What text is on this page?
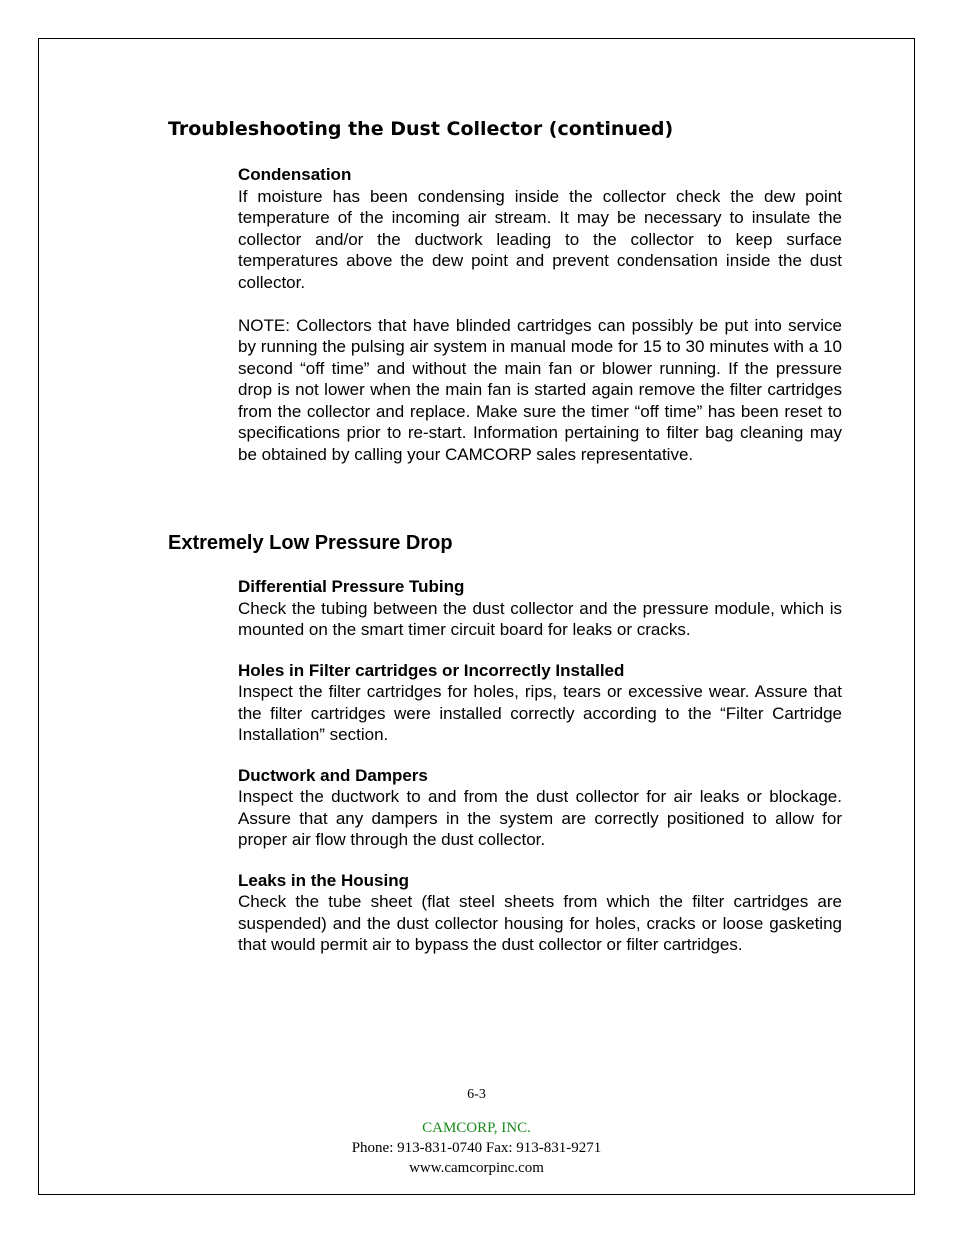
Troubleshooting the Dust Collector (continued)

Condensation

If moisture has been condensing inside the collector check the dew point temperature of the incoming air stream. It may be necessary to insulate the collector and/or the ductwork leading to the collector to keep surface temperatures above the dew point and prevent condensation inside the dust collector.

NOTE: Collectors that have blinded cartridges can possibly be put into service by running the pulsing air system in manual mode for 15 to 30 minutes with a 10 second “off time” and without the main fan or blower running. If the pressure drop is not lower when the main fan is started again remove the filter cartridges from the collector and replace. Make sure the timer “off time” has been reset to specifications prior to re-start. Information pertaining to filter bag cleaning may be obtained by calling your CAMCORP sales representative.

Extremely Low Pressure Drop

Differential Pressure Tubing

Check the tubing between the dust collector and the pressure module, which is mounted on the smart timer circuit board for leaks or cracks.

Holes in Filter cartridges or Incorrectly Installed

Inspect the filter cartridges for holes, rips, tears or excessive wear. Assure that the filter cartridges were installed correctly according to the “Filter Cartridge Installation” section.

Ductwork and Dampers

Inspect the ductwork to and from the dust collector for air leaks or blockage. Assure that any dampers in the system are correctly positioned to allow for proper air flow through the dust collector.

Leaks in the Housing

Check the tube sheet (flat steel sheets from which the filter cartridges are suspended) and the dust collector housing for holes, cracks or loose gasketing that would permit air to bypass the dust collector or filter cartridges.

6-3
CAMCORP, INC.
Phone: 913-831-0740 Fax: 913-831-9271
www.camcorpinc.com
